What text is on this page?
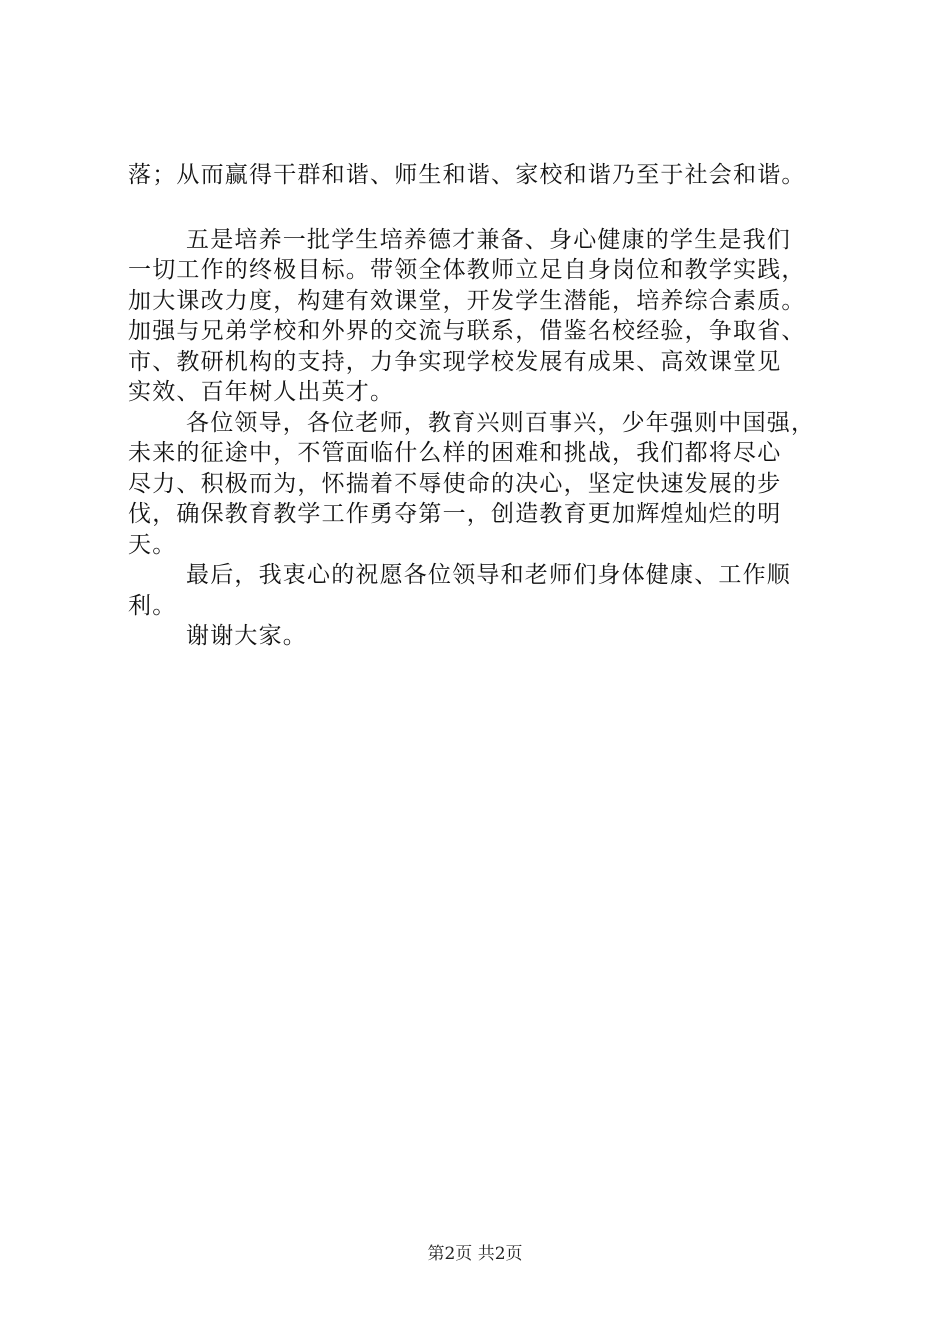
落；从而赢得干群和谐、师生和谐、家校和谐乃至于社会和谐。
五是培养一批学生培养德才兼备、身心健康的学生是我们
一切工作的终极目标。带领全体教师立足自身岗位和教学实践，
加大课改力度，构建有效课堂，开发学生潜能，培养综合素质。
加强与兄弟学校和外界的交流与联系，借鉴名校经验，争取省、
市、教研机构的支持，力争实现学校发展有成果、高效课堂见
实效、百年树人出英才。
各位领导，各位老师，教育兴则百事兴，少年强则中国强，
未来的征途中，不管面临什么样的困难和挑战，我们都将尽心
尽力、积极而为，怀揣着不辱使命的决心，坚定快速发展的步
伐，确保教育教学工作勇夺第一，创造教育更加辉煌灿烂的明
天。
最后，我衷心的祝愿各位领导和老师们身体健康、工作顺
利。
谢谢大家。
第2页 共2页
